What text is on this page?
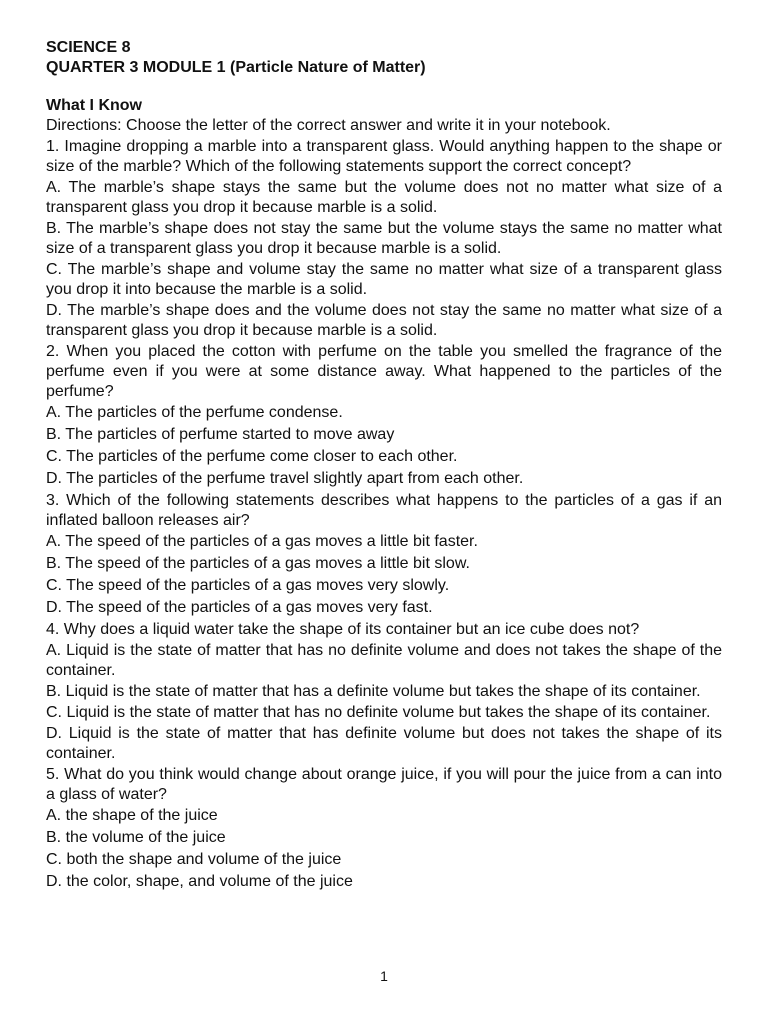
SCIENCE 8
QUARTER 3 MODULE 1 (Particle Nature of Matter)
What I Know
Directions: Choose the letter of the correct answer and write it in your notebook.
1. Imagine dropping a marble into a transparent glass. Would anything happen to the shape or size of the marble? Which of the following statements support the correct concept?
A. The marble’s shape stays the same but the volume does not no matter what size of a transparent glass you drop it because marble is a solid.
B. The marble’s shape does not stay the same but the volume stays the same no matter what size of a transparent glass you drop it because marble is a solid.
C. The marble’s shape and volume stay the same no matter what size of a transparent glass you drop it into because the marble is a solid.
D. The marble’s shape does and the volume does not stay the same no matter what size of a transparent glass you drop it because marble is a solid.
2. When you placed the cotton with perfume on the table you smelled the fragrance of the perfume even if you were at some distance away. What happened to the particles of the perfume?
A. The particles of the perfume condense.
B. The particles of perfume started to move away
C. The particles of the perfume come closer to each other.
D. The particles of the perfume travel slightly apart from each other.
3. Which of the following statements describes what happens to the particles of a gas if an inflated balloon releases air?
A. The speed of the particles of a gas moves a little bit faster.
B. The speed of the particles of a gas moves a little bit slow.
C. The speed of the particles of a gas moves very slowly.
D. The speed of the particles of a gas moves very fast.
4. Why does a liquid water take the shape of its container but an ice cube does not?
A. Liquid is the state of matter that has no definite volume and does not takes the shape of the container.
B. Liquid is the state of matter that has a definite volume but takes the shape of its container.
C. Liquid is the state of matter that has no definite volume but takes the shape of its container.
D. Liquid is the state of matter that has definite volume but does not takes the shape of its container.
5. What do you think would change about orange juice, if you will pour the juice from a can into a glass of water?
A. the shape of the juice
B. the volume of the juice
C. both the shape and volume of the juice
D. the color, shape, and volume of the juice
1
